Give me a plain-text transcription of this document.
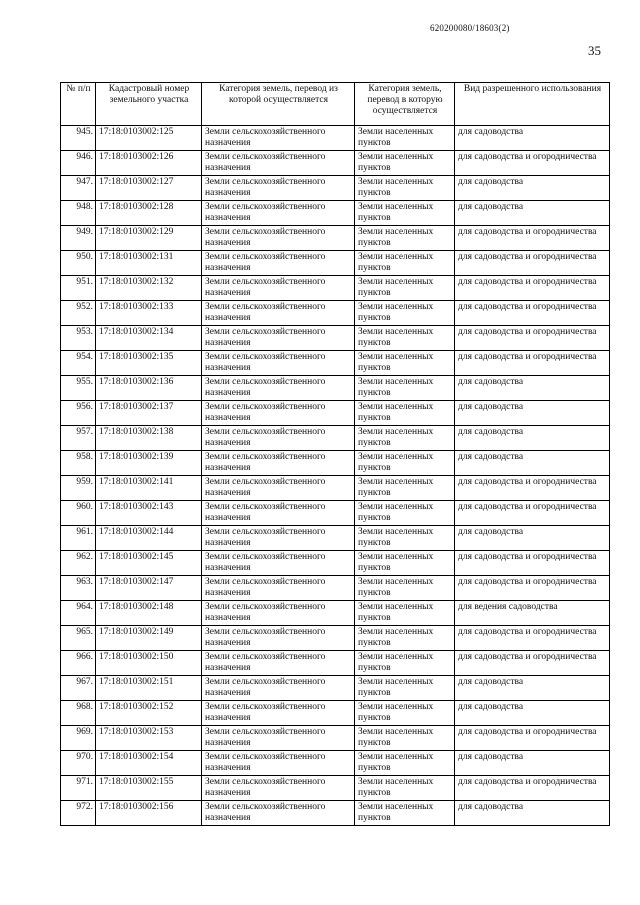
620200080/18603(2)
35
№ п/п	Кадастровый номер земельного участка	Категория земель, перевод из которой осуществляется	Категория земель, перевод в которую осуществляется	Вид разрешенного использования
945.	17:18:0103002:125	Земли сельскохозяйственного назначения	Земли населенных пунктов	для садоводства
946.	17:18:0103002:126	Земли сельскохозяйственного назначения	Земли населенных пунктов	для садоводства и огородничества
947.	17:18:0103002:127	Земли сельскохозяйственного назначения	Земли населенных пунктов	для садоводства
948.	17:18:0103002:128	Земли сельскохозяйственного назначения	Земли населенных пунктов	для садоводства
949.	17:18:0103002:129	Земли сельскохозяйственного назначения	Земли населенных пунктов	для садоводства и огородничества
950.	17:18:0103002:131	Земли сельскохозяйственного назначения	Земли населенных пунктов	для садоводства и огородничества
951.	17:18:0103002:132	Земли сельскохозяйственного назначения	Земли населенных пунктов	для садоводства и огородничества
952.	17:18:0103002:133	Земли сельскохозяйственного назначения	Земли населенных пунктов	для садоводства и огородничества
953.	17:18:0103002:134	Земли сельскохозяйственного назначения	Земли населенных пунктов	для садоводства и огородничества
954.	17:18:0103002:135	Земли сельскохозяйственного назначения	Земли населенных пунктов	для садоводства и огородничества
955.	17:18:0103002:136	Земли сельскохозяйственного назначения	Земли населенных пунктов	для садоводства
956.	17:18:0103002:137	Земли сельскохозяйственного назначения	Земли населенных пунктов	для садоводства
957.	17:18:0103002:138	Земли сельскохозяйственного назначения	Земли населенных пунктов	для садоводства
958.	17:18:0103002:139	Земли сельскохозяйственного назначения	Земли населенных пунктов	для садоводства
959.	17:18:0103002:141	Земли сельскохозяйственного назначения	Земли населенных пунктов	для садоводства и огородничества
960.	17:18:0103002:143	Земли сельскохозяйственного назначения	Земли населенных пунктов	для садоводства и огородничества
961.	17:18:0103002:144	Земли сельскохозяйственного назначения	Земли населенных пунктов	для садоводства
962.	17:18:0103002:145	Земли сельскохозяйственного назначения	Земли населенных пунктов	для садоводства и огородничества
963.	17:18:0103002:147	Земли сельскохозяйственного назначения	Земли населенных пунктов	для садоводства и огородничества
964.	17:18:0103002:148	Земли сельскохозяйственного назначения	Земли населенных пунктов	для ведения садоводства
965.	17:18:0103002:149	Земли сельскохозяйственного назначения	Земли населенных пунктов	для садоводства и огородничества
966.	17:18:0103002:150	Земли сельскохозяйственного назначения	Земли населенных пунктов	для садоводства и огородничества
967.	17:18:0103002:151	Земли сельскохозяйственного назначения	Земли населенных пунктов	для садоводства
968.	17:18:0103002:152	Земли сельскохозяйственного назначения	Земли населенных пунктов	для садоводства
969.	17:18:0103002:153	Земли сельскохозяйственного назначения	Земли населенных пунктов	для садоводства и огородничества
970.	17:18:0103002:154	Земли сельскохозяйственного назначения	Земли населенных пунктов	для садоводства
971.	17:18:0103002:155	Земли сельскохозяйственного назначения	Земли населенных пунктов	для садоводства и огородничества
972.	17:18:0103002:156	Земли сельскохозяйственного назначения	Земли населенных пунктов	для садоводства
